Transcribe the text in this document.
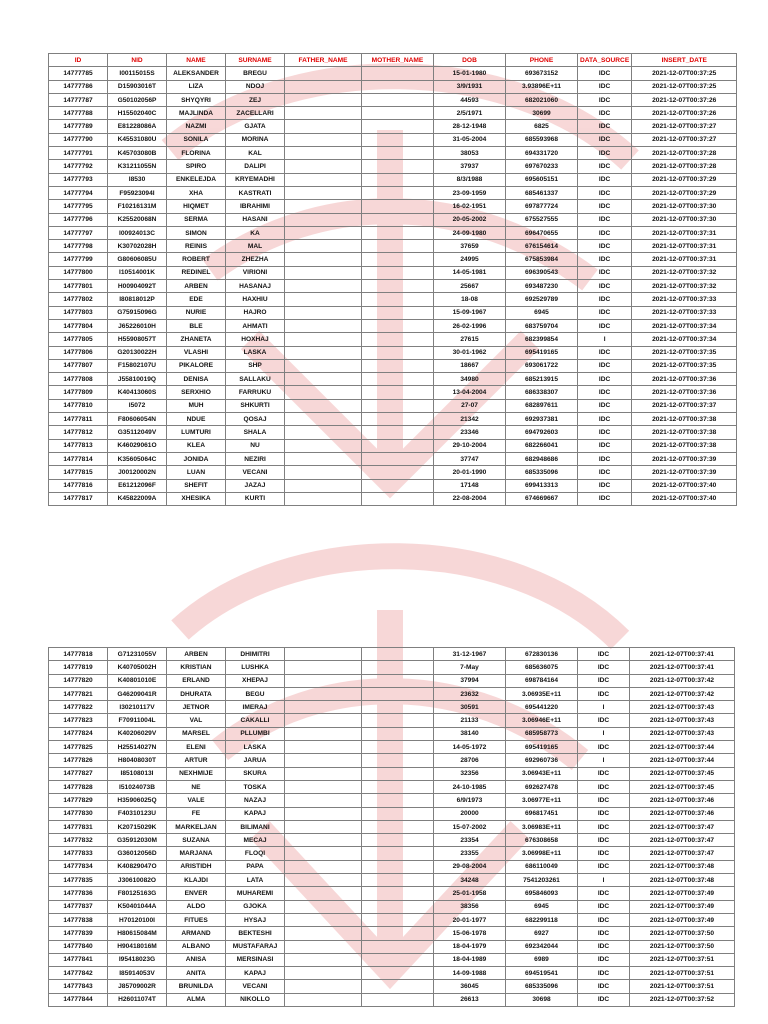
ID	NID	NAME	SURNAME	FATHER_NAME	MOTHER_NAME	DOB	PHONE	DATA_SOURCE	INSERT_DATE
14777785	I00115015S	ALEKSANDER	BREGU			15-01-1980	693673152	IDC	2021-12-07T00:37:25
14777786	D15903016T	LIZA	NDOJ			3/9/1931	3.93896E+11	IDC	2021-12-07T00:37:25
14777787	G50102056P	SHYQYRI	ZEJ			44593	682021060	IDC	2021-12-07T00:37:26
14777788	H15502040C	MAJLINDA	ZACELLARI			2/5/1971	30699	IDC	2021-12-07T00:37:26
14777789	E81228086A	NAZMI	GJATA			28-12-1948	6825	IDC	2021-12-07T00:37:27
14777790	K45531080U	SONILA	MORINA			31-05-2004	685593968	IDC	2021-12-07T00:37:27
14777791	K45703080B	FLORINA	KAL			38053	694331720	IDC	2021-12-07T00:37:28
14777792	K31211055N	SPIRO	DALIPI			37937	697670233	IDC	2021-12-07T00:37:28
14777793	I8530	ENKELEJDA	KRYEMADHI			8/3/1988	695605151	IDC	2021-12-07T00:37:29
14777794	F95923094I	XHA	KASTRATI			23-09-1959	685461337	IDC	2021-12-07T00:37:29
14777795	F10216131M	HIQMET	IBRAHIMI			16-02-1951	697877724	IDC	2021-12-07T00:37:30
14777796	K25520068N	SERMA	HASANI			20-05-2002	675527555	IDC	2021-12-07T00:37:30
14777797	I00924013C	SIMON	KA			24-09-1980	696470655	IDC	2021-12-07T00:37:31
14777798	K30702028H	REINIS	MAL			37659	676154614	IDC	2021-12-07T00:37:31
14777799	G80606085U	ROBERT	ZHEZHA			24995	675853984	IDC	2021-12-07T00:37:31
14777800	I10514001K	REDINEL	VIRIONI			14-05-1981	696390543	IDC	2021-12-07T00:37:32
14777801	H00904092T	ARBEN	HASANAJ			25667	693487230	IDC	2021-12-07T00:37:32
14777802	I80818012P	EDE	HAXHIU			18-08	692529789	IDC	2021-12-07T00:37:33
14777803	G75915096G	NURIE	HAJRO			15-09-1967	6945	IDC	2021-12-07T00:37:33
14777804	J65226010H	BLE	AHMATI			26-02-1996	683759704	IDC	2021-12-07T00:37:34
14777805	H55908057T	ZHANETA	HOXHAJ			27615	682399854	I	2021-12-07T00:37:34
14777806	G20130022H	VLASHI	LASKA			30-01-1962	695419165	IDC	2021-12-07T00:37:35
14777807	F15802107U	PIKALORE	SHP			18667	693061722	IDC	2021-12-07T00:37:35
14777808	J55810019Q	DENISA	SALLAKU			34980	685213915	IDC	2021-12-07T00:37:36
14777809	K40413060S	SERXHIO	FARRUKU			13-04-2004	686338307	IDC	2021-12-07T00:37:36
14777810	I5072	MUH	SHKURTI			27-07	682897611	IDC	2021-12-07T00:37:37
14777811	F80606054N	NDUE	QOSAJ			21342	692937381	IDC	2021-12-07T00:37:38
14777812	G35112049V	LUMTURI	SHALA			23346	694792603	IDC	2021-12-07T00:37:38
14777813	K46029061O	KLEA	NU			29-10-2004	682266041	IDC	2021-12-07T00:37:38
14777814	K35605064C	JONIDA	NEZIRI			37747	682948686	IDC	2021-12-07T00:37:39
14777815	J00120002N	LUAN	VECANI			20-01-1990	685335096	IDC	2021-12-07T00:37:39
14777816	E61212096F	SHEFIT	JAZAJ			17148	699413313	IDC	2021-12-07T00:37:40
14777817	K45822009A	XHESIKA	KURTI			22-08-2004	674669667	IDC	2021-12-07T00:37:40
14777818	G71231055V	ARBEN	DHIMITRI			31-12-1967	672830136	IDC	2021-12-07T00:37:41
14777819	K40705002H	KRISTIAN	LUSHKA			7-May	685636075	IDC	2021-12-07T00:37:41
14777820	K40801010E	ERLAND	XHEPAJ			37994	698784164	IDC	2021-12-07T00:37:42
14777821	G46209041R	DHURATA	BEGU			23632	3.06935E+11	IDC	2021-12-07T00:37:42
14777822	I30210117V	JETNOR	IMERAJ			30591	695441220	I	2021-12-07T00:37:43
14777823	F70911004L	VAL	CAKALLI			21133	3.06946E+11	IDC	2021-12-07T00:37:43
14777824	K40206029V	MARSEL	PLLUMBI			38140	685958773	I	2021-12-07T00:37:43
14777825	H25514027N	ELENI	LASKA			14-05-1972	695419165	IDC	2021-12-07T00:37:44
14777826	H80408030T	ARTUR	JARUA			28706	692960736	I	2021-12-07T00:37:44
14777827	I85108013I	NEXHMIJE	SKURA			32356	3.06943E+11	IDC	2021-12-07T00:37:45
14777828	I51024073B	NE	TOSKA			24-10-1985	692627478	IDC	2021-12-07T00:37:45
14777829	H35906025Q	VALE	NAZAJ			6/9/1973	3.06977E+11	IDC	2021-12-07T00:37:46
14777830	F40310123U	FE	KAPAJ			20000	696817451	IDC	2021-12-07T00:37:46
14777831	K20715029K	MARKELJAN	BILIMANI			15-07-2002	3.06983E+11	IDC	2021-12-07T00:37:47
14777832	G35912030M	SUZANA	MECAJ			23354	676308658	IDC	2021-12-07T00:37:47
14777833	G36012056D	MARJANA	FLOQI			23355	3.06998E+11	IDC	2021-12-07T00:37:47
14777834	K40829047O	ARISTIDH	PAPA			29-08-2004	686110049	IDC	2021-12-07T00:37:48
14777835	J30610082O	KLAJDI	LATA			34248	7541203261	I	2021-12-07T00:37:48
14777836	F80125163G	ENVER	MUHAREMI			25-01-1958	695846093	IDC	2021-12-07T00:37:49
14777837	K50401044A	ALDO	GJOKA			38356	6945	IDC	2021-12-07T00:37:49
14777838	H70120100I	FITUES	HYSAJ			20-01-1977	682299118	IDC	2021-12-07T00:37:49
14777839	H80615084M	ARMAND	BEKTESHI			15-06-1978	6927	IDC	2021-12-07T00:37:50
14777840	H90418016M	ALBANO	MUSTAFARAJ			18-04-1979	692342044	IDC	2021-12-07T00:37:50
14777841	I95418023G	ANISA	MERSINASI			18-04-1989	6989	IDC	2021-12-07T00:37:51
14777842	I85914053V	ANITA	KAPAJ			14-09-1988	694519541	IDC	2021-12-07T00:37:51
14777843	J85709002R	BRUNILDA	VECANI			36045	685335096	IDC	2021-12-07T00:37:51
14777844	H26011074T	ALMA	NIKOLLO			26613	30698	IDC	2021-12-07T00:37:52
